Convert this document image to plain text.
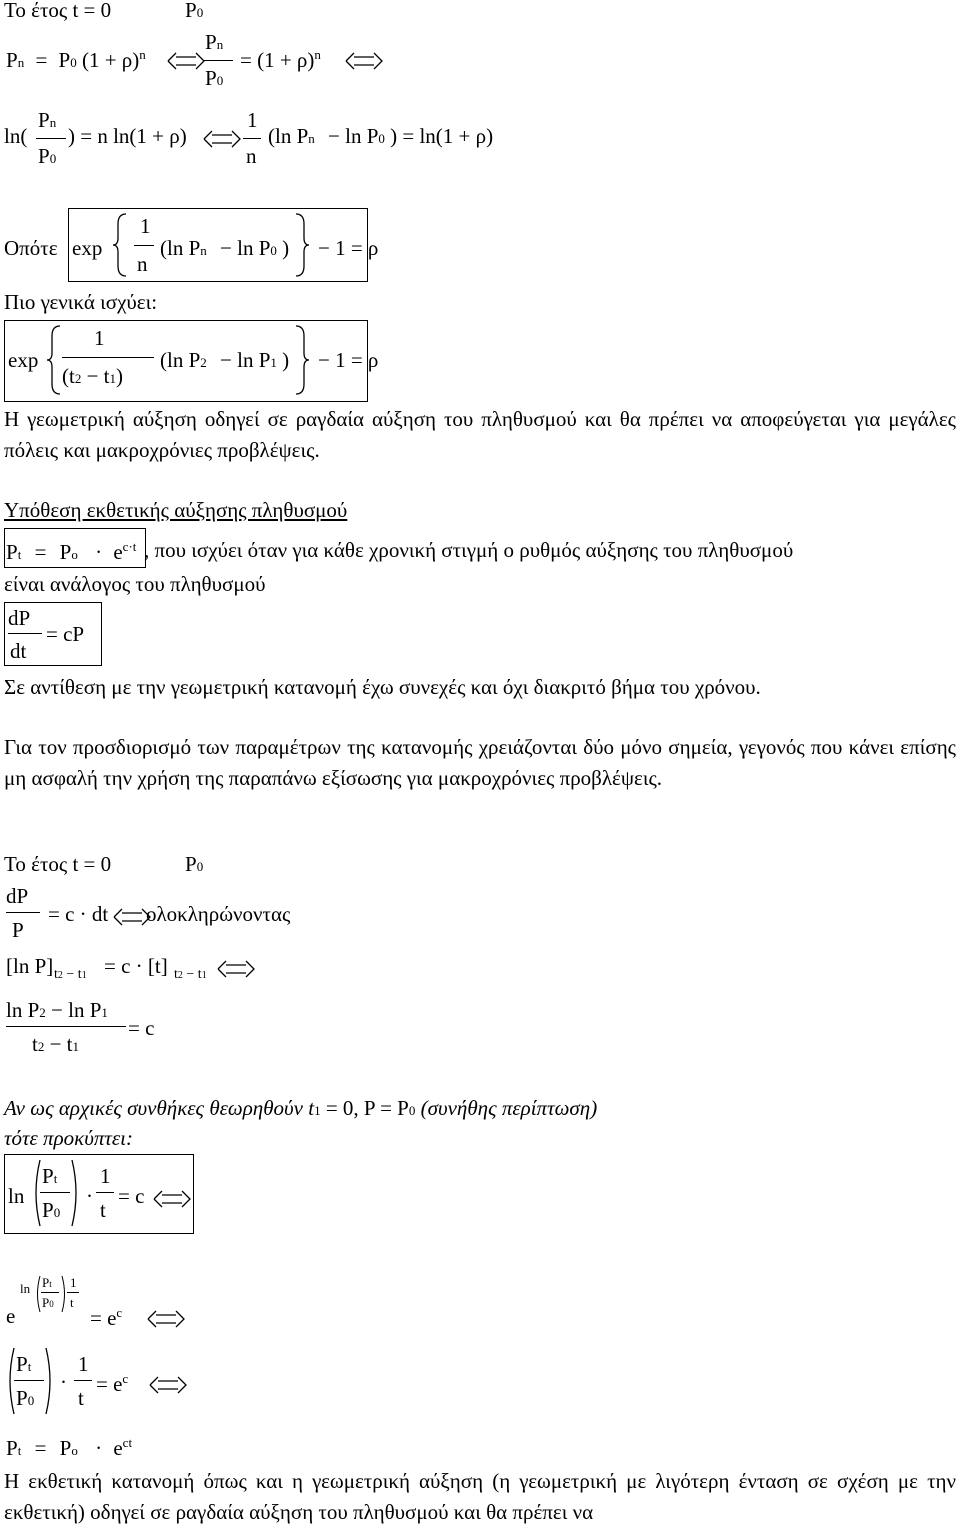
Το έτος t = 0	P0
Pn = P0 $(1 + \rho)^n$
Pn
P0
= $(1 + \rho)^n$
ln(
Pn
P0
) = n ln(1 + ρ)
1
n
(ln Pn − ln P0 ) = ln(1 + ρ)
Οπότε exp
1
n
(ln Pn − ln P0 ) − 1 = ρ
Πιο γενικά ισχύει:
exp
1
(t2 − t1)
(ln P2 − ln P1 ) − 1 = ρ
Η γεωμετρική αύξηση οδηγεί σε ραγδαία αύξηση του πληθυσμού και θα πρέπει να αποφεύγεται για μεγάλες πόλεις και μακροχρόνιες προβλέψεις.
Υπόθεση εκθετικής αύξησης πληθυσμού
$Pt = Po \cdot e^{c\cdot t}$ , που ισχύει όταν για κάθε χρονική στιγμή ο ρυθμός αύξησης του πληθυσμού
είναι ανάλογος του πληθυσμού
dP
dt
= cP
Σε αντίθεση με την γεωμετρική κατανομή έχω συνεχές και όχι διακριτό βήμα του χρόνου.
Για τον προσδιορισμό των παραμέτρων της κατανομής χρειάζονται δύο μόνο σημεία, γεγονός που κάνει επίσης μη ασφαλή την χρήση της παραπάνω εξίσωσης για μακροχρόνιες προβλέψεις.
Το έτος t = 0	P0
dP
P
= c · dt ολοκληρώνοντας
[ln P] t2 − t1 = c · [t] t2 − t1
ln P2 − ln P1
t2 − t1
= c
Αν ως αρχικές συνθήκες θεωρηθούν t1 = 0, P = P0 (συνήθης περίπτωση)
τότε προκύπτει:
ln
Pt
P0
·
1
t
= c
e
ln Pt
P0
1
t
= $e^c$
Pt
P0
·
1
t
= $e^c$
$Pt = Po \cdot e^{ct}$
Η εκθετική κατανομή όπως και η γεωμετρική αύξηση (η γεωμετρική με λιγότερη ένταση σε σχέση με την εκθετική) οδηγεί σε ραγδαία αύξηση του πληθυσμού και θα πρέπει να
